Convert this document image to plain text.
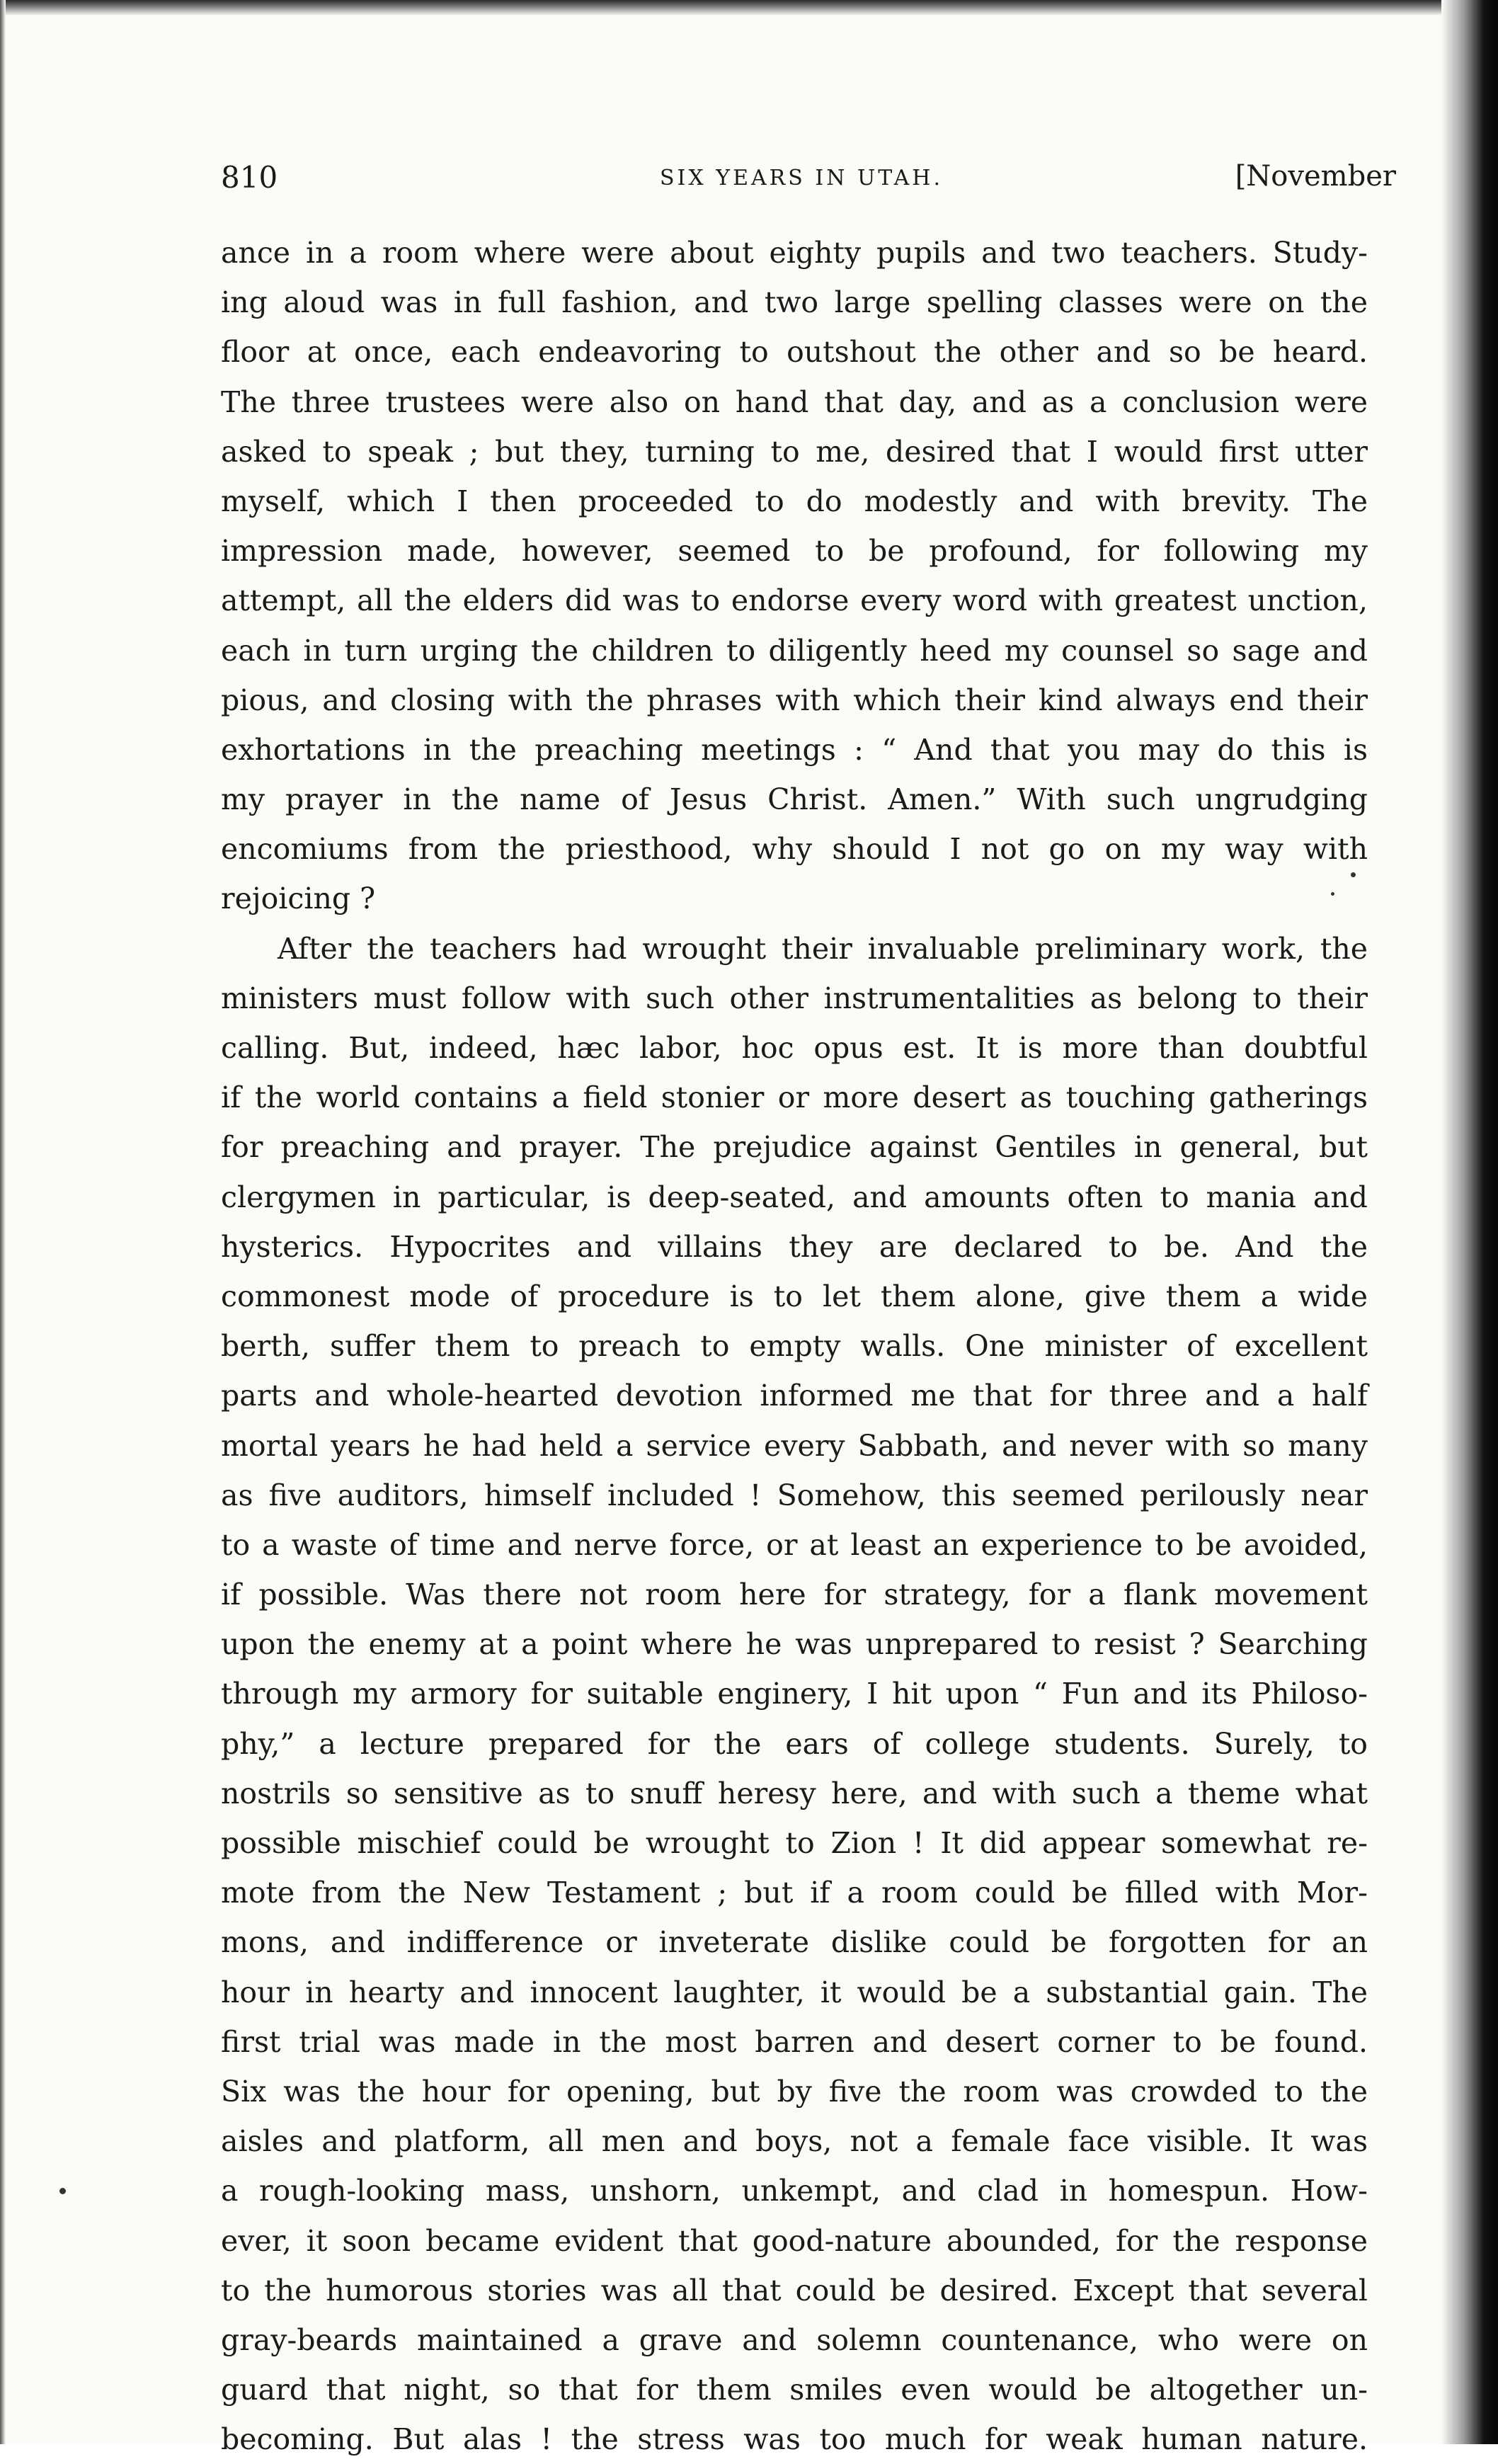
810	SIX YEARS IN UTAH.	[November
ance in a room where were about eighty pupils and two teachers. Study-
ing aloud was in full fashion, and two large spelling classes were on the
floor at once, each endeavoring to outshout the other and so be heard.
The three trustees were also on hand that day, and as a conclusion were
asked to speak ; but they, turning to me, desired that I would first utter
myself, which I then proceeded to do modestly and with brevity. The
impression made, however, seemed to be profound, for following my
attempt, all the elders did was to endorse every word with greatest unction,
each in turn urging the children to diligently heed my counsel so sage and
pious, and closing with the phrases with which their kind always end their
exhortations in the preaching meetings : “ And that you may do this is
my prayer in the name of Jesus Christ. Amen.” With such ungrudging
encomiums from the priesthood, why should I not go on my way with
rejoicing ?
After the teachers had wrought their invaluable preliminary work, the
ministers must follow with such other instrumentalities as belong to their
calling. But, indeed, hæc labor, hoc opus est. It is more than doubtful
if the world contains a field stonier or more desert as touching gatherings
for preaching and prayer. The prejudice against Gentiles in general, but
clergymen in particular, is deep-seated, and amounts often to mania and
hysterics. Hypocrites and villains they are declared to be. And the
commonest mode of procedure is to let them alone, give them a wide
berth, suffer them to preach to empty walls. One minister of excellent
parts and whole-hearted devotion informed me that for three and a half
mortal years he had held a service every Sabbath, and never with so many
as five auditors, himself included ! Somehow, this seemed perilously near
to a waste of time and nerve force, or at least an experience to be avoided,
if possible. Was there not room here for strategy, for a flank movement
upon the enemy at a point where he was unprepared to resist ? Searching
through my armory for suitable enginery, I hit upon “ Fun and its Philoso-
phy,” a lecture prepared for the ears of college students. Surely, to
nostrils so sensitive as to snuff heresy here, and with such a theme what
possible mischief could be wrought to Zion ! It did appear somewhat re-
mote from the New Testament ; but if a room could be filled with Mor-
mons, and indifference or inveterate dislike could be forgotten for an
hour in hearty and innocent laughter, it would be a substantial gain. The
first trial was made in the most barren and desert corner to be found.
Six was the hour for opening, but by five the room was crowded to the
aisles and platform, all men and boys, not a female face visible. It was
a rough-looking mass, unshorn, unkempt, and clad in homespun. How-
ever, it soon became evident that good-nature abounded, for the response
to the humorous stories was all that could be desired. Except that several
gray-beards maintained a grave and solemn countenance, who were on
guard that night, so that for them smiles even would be altogether un-
becoming. But alas ! the stress was too much for weak human nature.
